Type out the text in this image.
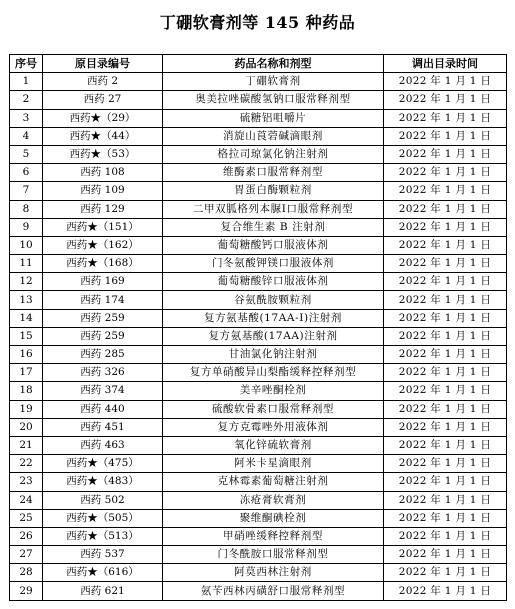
丁硼软膏剂等 145 种药品
序号	原目录编号	药品名称和剂型	调出目录时间
1	西药 2	丁硼软膏剂	2022 年 1 月 1 日
2	西药 27	奥美拉唑碳酸氢钠口服常释剂型	2022 年 1 月 1 日
3	西药★（29）	硫糖铝咀嚼片	2022 年 1 月 1 日
4	西药★（44）	消旋山莨菪碱滴眼剂	2022 年 1 月 1 日
5	西药★（53）	格拉司琼氯化钠注射剂	2022 年 1 月 1 日
6	西药 108	维酶素口服常释剂型	2022 年 1 月 1 日
7	西药 109	胃蛋白酶颗粒剂	2022 年 1 月 1 日
8	西药 129	二甲双胍格列本脲Ⅰ口服常释剂型	2022 年 1 月 1 日
9	西药★（151）	复合维生素 B 注射剂	2022 年 1 月 1 日
10	西药★（162）	葡萄糖酸钙口服液体剂	2022 年 1 月 1 日
11	西药★（168）	门冬氨酸钾镁口服液体剂	2022 年 1 月 1 日
12	西药 169	葡萄糖酸锌口服液体剂	2022 年 1 月 1 日
13	西药 174	谷氨酰胺颗粒剂	2022 年 1 月 1 日
14	西药 259	复方氨基酸(17AA-Ⅰ)注射剂	2022 年 1 月 1 日
15	西药 259	复方氨基酸(17AA)注射剂	2022 年 1 月 1 日
16	西药 285	甘油氯化钠注射剂	2022 年 1 月 1 日
17	西药 326	复方单硝酸异山梨酯缓释控释剂型	2022 年 1 月 1 日
18	西药 374	美辛唑酮栓剂	2022 年 1 月 1 日
19	西药 440	硫酸软骨素口服常释剂型	2022 年 1 月 1 日
20	西药 451	复方克霉唑外用液体剂	2022 年 1 月 1 日
21	西药 463	氧化锌硫软膏剂	2022 年 1 月 1 日
22	西药★（475）	阿米卡星滴眼剂	2022 年 1 月 1 日
23	西药★（483）	克林霉素葡萄糖注射剂	2022 年 1 月 1 日
24	西药 502	冻疮膏软膏剂	2022 年 1 月 1 日
25	西药★（505）	聚维酮碘栓剂	2022 年 1 月 1 日
26	西药★（513）	甲硝唑缓释控释剂型	2022 年 1 月 1 日
27	西药 537	门冬酰胺口服常释剂型	2022 年 1 月 1 日
28	西药★（616）	阿莫西林注射剂	2022 年 1 月 1 日
29	西药 621	氨苄西林丙磺舒口服常释剂型	2022 年 1 月 1 日
